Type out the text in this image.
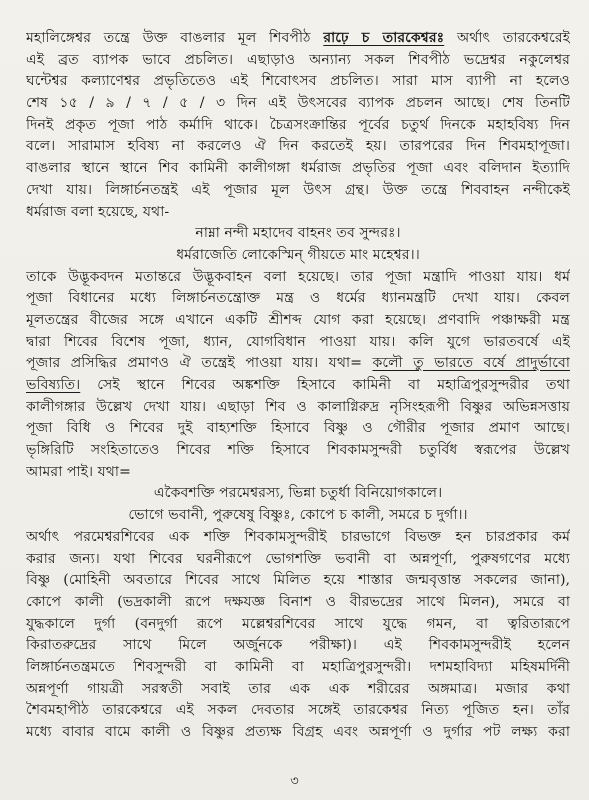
মহালিঙ্গেশ্বর তন্ত্রে উক্ত বাঙলার মূল শিবপীঠ রাঢ়ে চ তারকেশ্বরঃ অর্থাৎ তারকেশ্বরেই
এই ব্রত ব্যাপক ভাবে প্রচলিত। এছাড়াও অন্যান্য সকল শিবপীঠ ভদ্রেশ্বর নকুলেশ্বর
ঘন্টেশ্বর কল্যাণেশ্বর প্রভৃতিতেও এই শিবোৎসব প্রচলিত। সারা মাস ব্যাপী না হলেও
শেষ ১৫ / ৯ / ৭ / ৫ / ৩ দিন এই উৎসবের ব্যাপক প্রচলন আছে। শেষ তিনটি
দিনই প্রকৃত পূজা পাঠ কর্মাদি থাকে। চৈত্রসংক্রান্তির পূর্বের চতুর্থ দিনকে মহাহবিষ্য দিন
বলে। সারামাস হবিষ্য না করলেও ঐ দিন করতেই হয়। তারপরের দিন শিবমহাপূজা।
বাঙলার স্থানে স্থানে শিব কামিনী কালীগঙ্গা ধর্মরাজ প্রভৃতির পূজা এবং বলিদান ইত্যাদি
দেখা যায়। লিঙ্গার্চনতন্ত্রই এই পূজার মূল উৎস গ্রন্থ। উক্ত তন্ত্রে শিববাহন নন্দীকেই
ধর্মরাজ বলা হয়েছে, যথা-
নাম্না নন্দী মহাদেব বাহনং তব সুন্দরঃ।
ধর্মরাজেতি লোকেস্মিন্ গীয়তে মাং মহেশ্বর।।
তাকে উদ্ভূকবদন মতান্তরে উদ্ভূকবাহন বলা হয়েছে। তার পূজা মন্ত্রাদি পাওয়া যায়। ধর্ম
পূজা বিধানের মধ্যে লিঙ্গার্চনতন্ত্রোক্ত মন্ত্র ও ধর্মের ধ্যানমন্ত্রটি দেখা যায়। কেবল
মূলতন্ত্রের বীজের সঙ্গে এখানে একটি শ্রীশব্দ যোগ করা হয়েছে। প্রণবাদি পঞ্চাক্ষরী মন্ত্র
দ্বারা শিবের বিশেষ পূজা, ধ্যান, যোগবিধান পাওয়া যায়। কলি যুগে ভারতবর্ষে এই
পূজার প্রসিদ্ধির প্রমাণও ঐ তন্ত্রেই পাওয়া যায়। যথা= কলৌ তু ভারতে বর্ষে প্রাদুর্ভাবো
ভবিষ্যতি। সেই স্থানে শিবের অঙ্কশক্তি হিসাবে কামিনী বা মহাত্রিপুরসুন্দরীর তথা
কালীগঙ্গার উল্লেখ দেখা যায়। এছাড়া শিব ও কালাগ্নিরুদ্র নৃসিংহরূপী বিষ্ণুর অভিন্নসত্তায়
পূজা বিধি ও শিবের দুই বাহ্যশক্তি হিসাবে বিষ্ণু ও গৌরীর পূজার প্রমাণ আছে।
ভৃঙ্গিরিটি সংহিতাতেও শিবের শক্তি হিসাবে শিবকামসুন্দরী চতুর্বিধ স্বরূপের উল্লেখ
আমরা পাই। যথা=
একৈবশক্তি পরমেশ্বরস্য, ভিন্না চতুর্ধা বিনিয়োগকালে।
ভোগে ভবানী, পুরুষেষু বিষ্ণুঃ, কোপে চ কালী, সমরে চ দুর্গা।।
অর্থাৎ পরমেশ্বরশিবের এক শক্তি শিবকামসুন্দরীই চারভাগে বিভক্ত হন চারপ্রকার কর্ম
করার জন্য। যথা শিবের ঘরনীরূপে ভোগশক্তি ভবানী বা অন্নপূর্ণা, পুরুষগণের মধ্যে
বিষ্ণু (মোহিনী অবতারে শিবের সাথে মিলিত হয়ে শাস্তার জন্মবৃত্তান্ত সকলের জানা),
কোপে কালী (ভদ্রকালী রূপে দক্ষযজ্ঞ বিনাশ ও বীরভদ্রের সাথে মিলন), সমরে বা
যুদ্ধকালে দুর্গা (বনদুর্গা রূপে মল্লেশ্বরশিবের সাথে যুদ্ধে গমন, বা ত্বরিতারূপে
কিরাতরুদ্রের সাথে মিলে অর্জুনকে পরীক্ষা)। এই শিবকামসুন্দরীই হলেন
লিঙ্গার্চনতন্ত্রমতে শিবসুন্দরী বা কামিনী বা মহাত্রিপুরসুন্দরী। দশমহাবিদ্যা মহিষমর্দিনী
অন্নপূর্ণা গায়ত্রী সরস্বতী সবাই তার এক এক শরীরের অঙ্গমাত্র। মজার কথা
শৈবমহাপীঠ তারকেশ্বরে এই সকল দেবতার সঙ্গেই তারকেশ্বর নিত্য পূজিত হন। তাঁর
মধ্যে বাবার বামে কালী ও বিষ্ণুর প্রত্যক্ষ বিগ্রহ এবং অন্নপূর্ণা ও দুর্গার পট লক্ষ্য করা
৩
